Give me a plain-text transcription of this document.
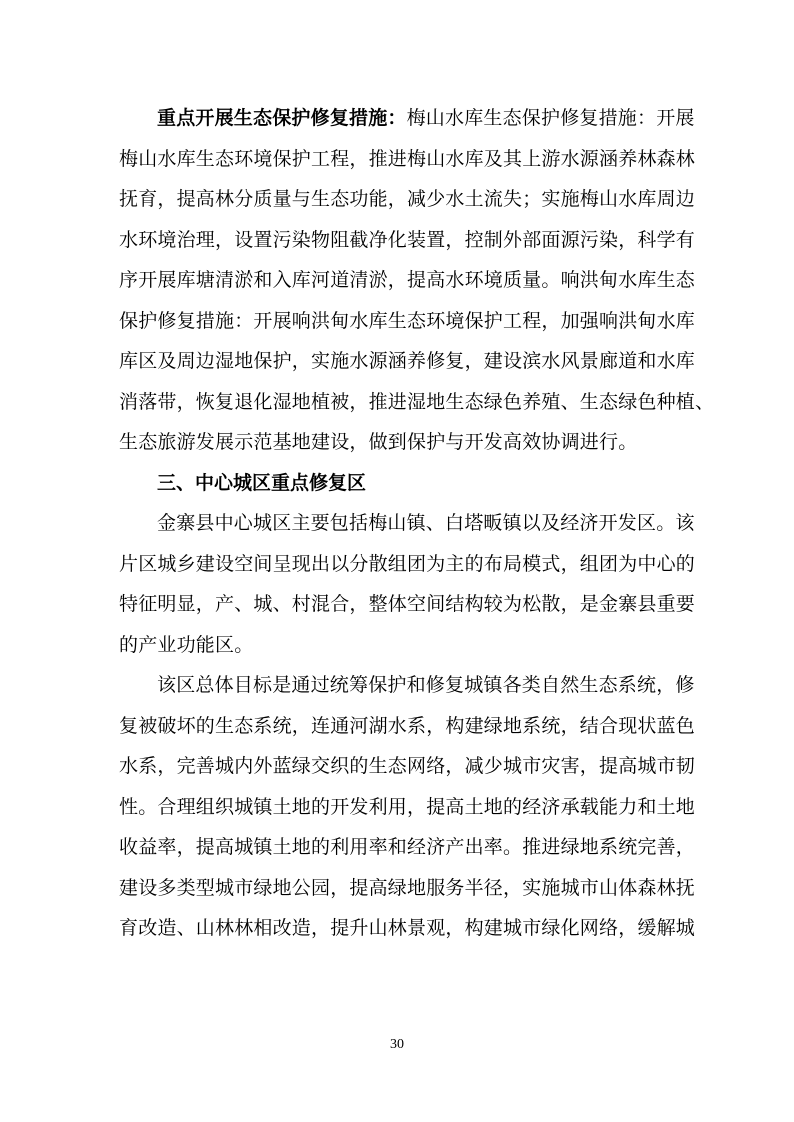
重点开展生态保护修复措施：梅山水库生态保护修复措施：开展
梅山水库生态环境保护工程，推进梅山水库及其上游水源涵养林森林
抚育，提高林分质量与生态功能，减少水土流失；实施梅山水库周边
水环境治理，设置污染物阻截净化装置，控制外部面源污染，科学有
序开展库塘清淤和入库河道清淤，提高水环境质量。响洪甸水库生态
保护修复措施：开展响洪甸水库生态环境保护工程，加强响洪甸水库
库区及周边湿地保护，实施水源涵养修复，建设滨水风景廊道和水库
消落带，恢复退化湿地植被，推进湿地生态绿色养殖、生态绿色种植、
生态旅游发展示范基地建设，做到保护与开发高效协调进行。
三、中心城区重点修复区
金寨县中心城区主要包括梅山镇、白塔畈镇以及经济开发区。该
片区城乡建设空间呈现出以分散组团为主的布局模式，组团为中心的
特征明显，产、城、村混合，整体空间结构较为松散，是金寨县重要
的产业功能区。
该区总体目标是通过统筹保护和修复城镇各类自然生态系统，修
复被破坏的生态系统，连通河湖水系，构建绿地系统，结合现状蓝色
水系，完善城内外蓝绿交织的生态网络，减少城市灾害，提高城市韧
性。合理组织城镇土地的开发利用，提高土地的经济承载能力和土地
收益率，提高城镇土地的利用率和经济产出率。推进绿地系统完善，
建设多类型城市绿地公园，提高绿地服务半径，实施城市山体森林抚
育改造、山林林相改造，提升山林景观，构建城市绿化网络，缓解城
30
